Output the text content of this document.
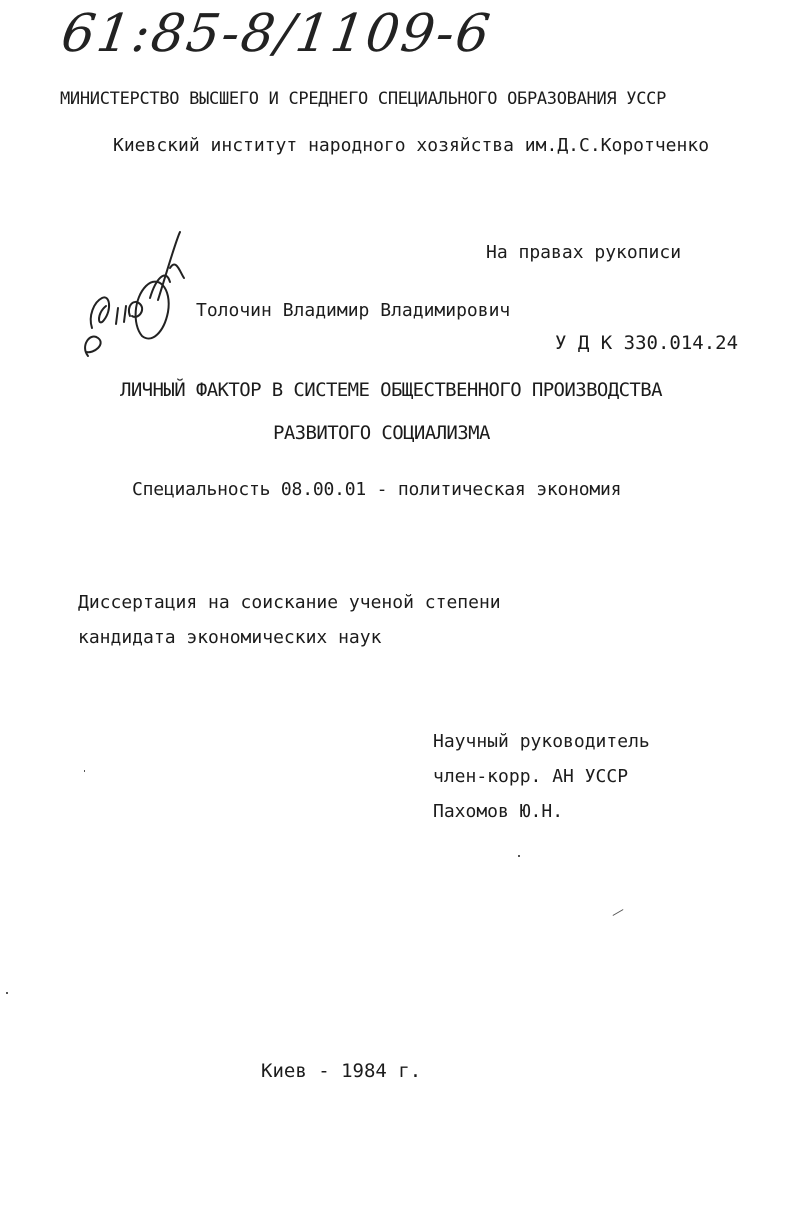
61:85-8/1109-6
МИНИСТЕРСТВО ВЫСШЕГО И СРЕДНЕГО СПЕЦИАЛЬНОГО ОБРАЗОВАНИЯ УССР
Киевский институт народного хозяйства им.Д.С.Коротченко
На правах рукописи
Толочин Владимир Владимирович
У Д К 330.014.24
ЛИЧНЫЙ ФАКТОР В СИСТЕМЕ ОБЩЕСТВЕННОГО ПРОИЗВОДСТВА
РАЗВИТОГО СОЦИАЛИЗМА
Специальность 08.00.01 - политическая экономия
Диссертация на соискание ученой степени
кандидата экономических наук
Научный руководитель
член-корр. АН УССР
Пахомов Ю.Н.
Киев - 1984 г.
